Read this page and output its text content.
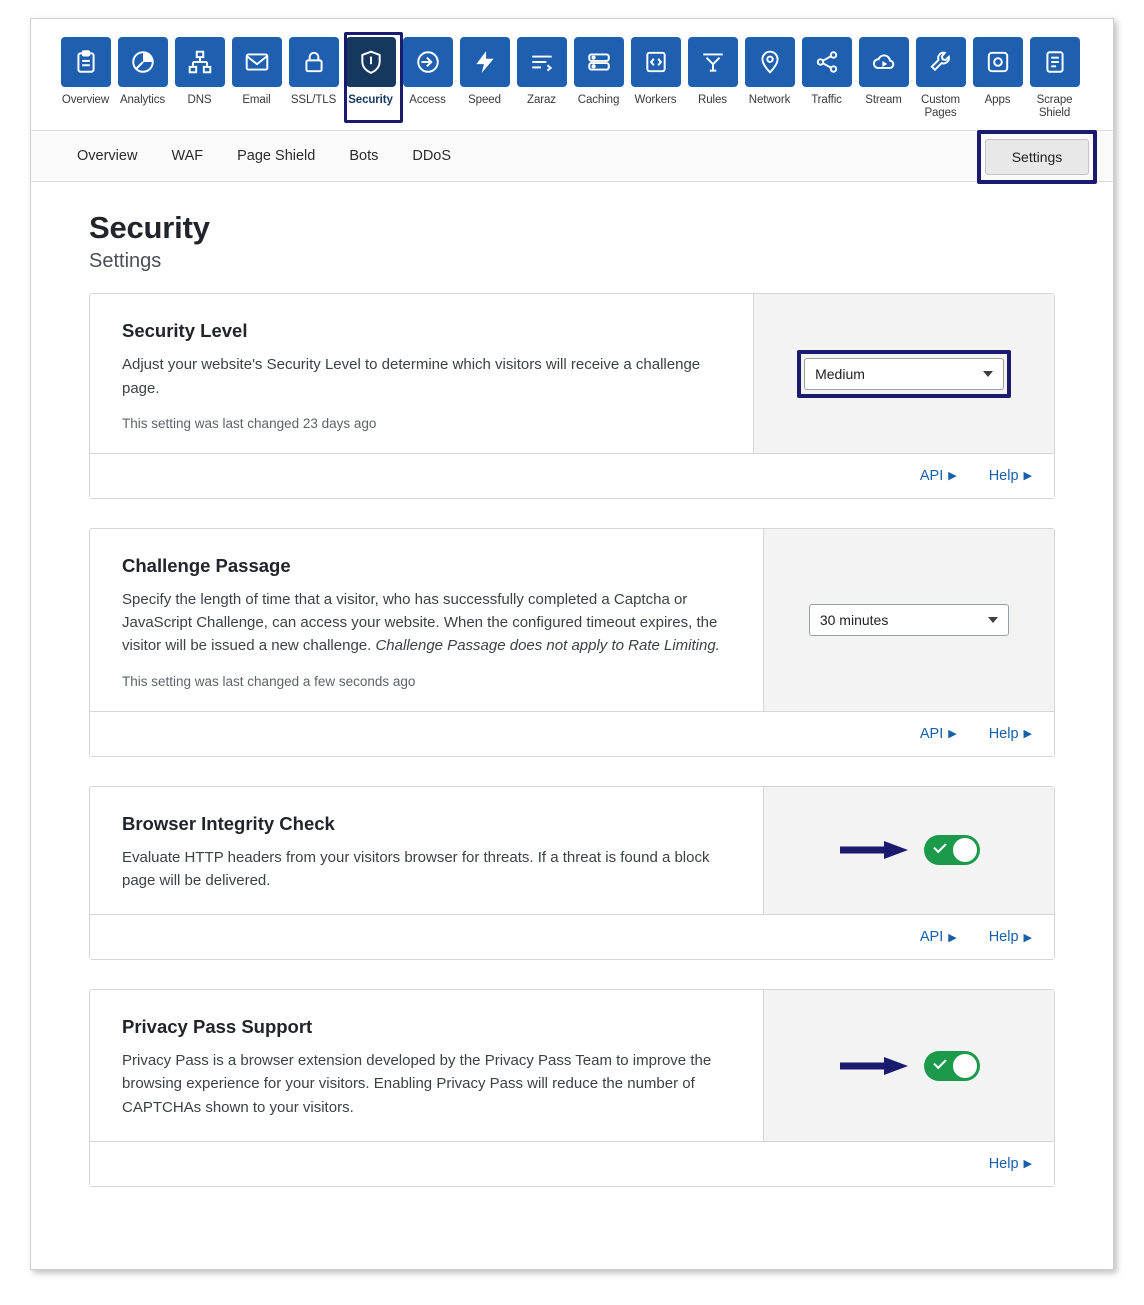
Overview Analytics DNS	Email SSL/TLS Security Access Speed Zaraz Caching Workers Rules Network Traffic Stream	Custom Pages
Apps	Scrape Shield
Overview WAF Page Shield Bots DDoS	Settings
Security
Settings
Security Level
Adjust your website's Security Level to determine which visitors will receive a challenge page.
This setting was last changed 23 days ago
Medium
API ▶ Help ▶
Challenge Passage
Specify the length of time that a visitor, who has successfully completed a Captcha or JavaScript Challenge, can access your website. When the configured timeout expires, the visitor will be issued a new challenge. Challenge Passage does not apply to Rate Limiting.
This setting was last changed a few seconds ago
30 minutes
API ▶ Help ▶
Browser Integrity Check
Evaluate HTTP headers from your visitors browser for threats. If a threat is found a block page will be delivered.
API ▶ Help ▶
Privacy Pass Support
Privacy Pass is a browser extension developed by the Privacy Pass Team to improve the browsing experience for your visitors. Enabling Privacy Pass will reduce the number of CAPTCHAs shown to your visitors.
Help ▶
